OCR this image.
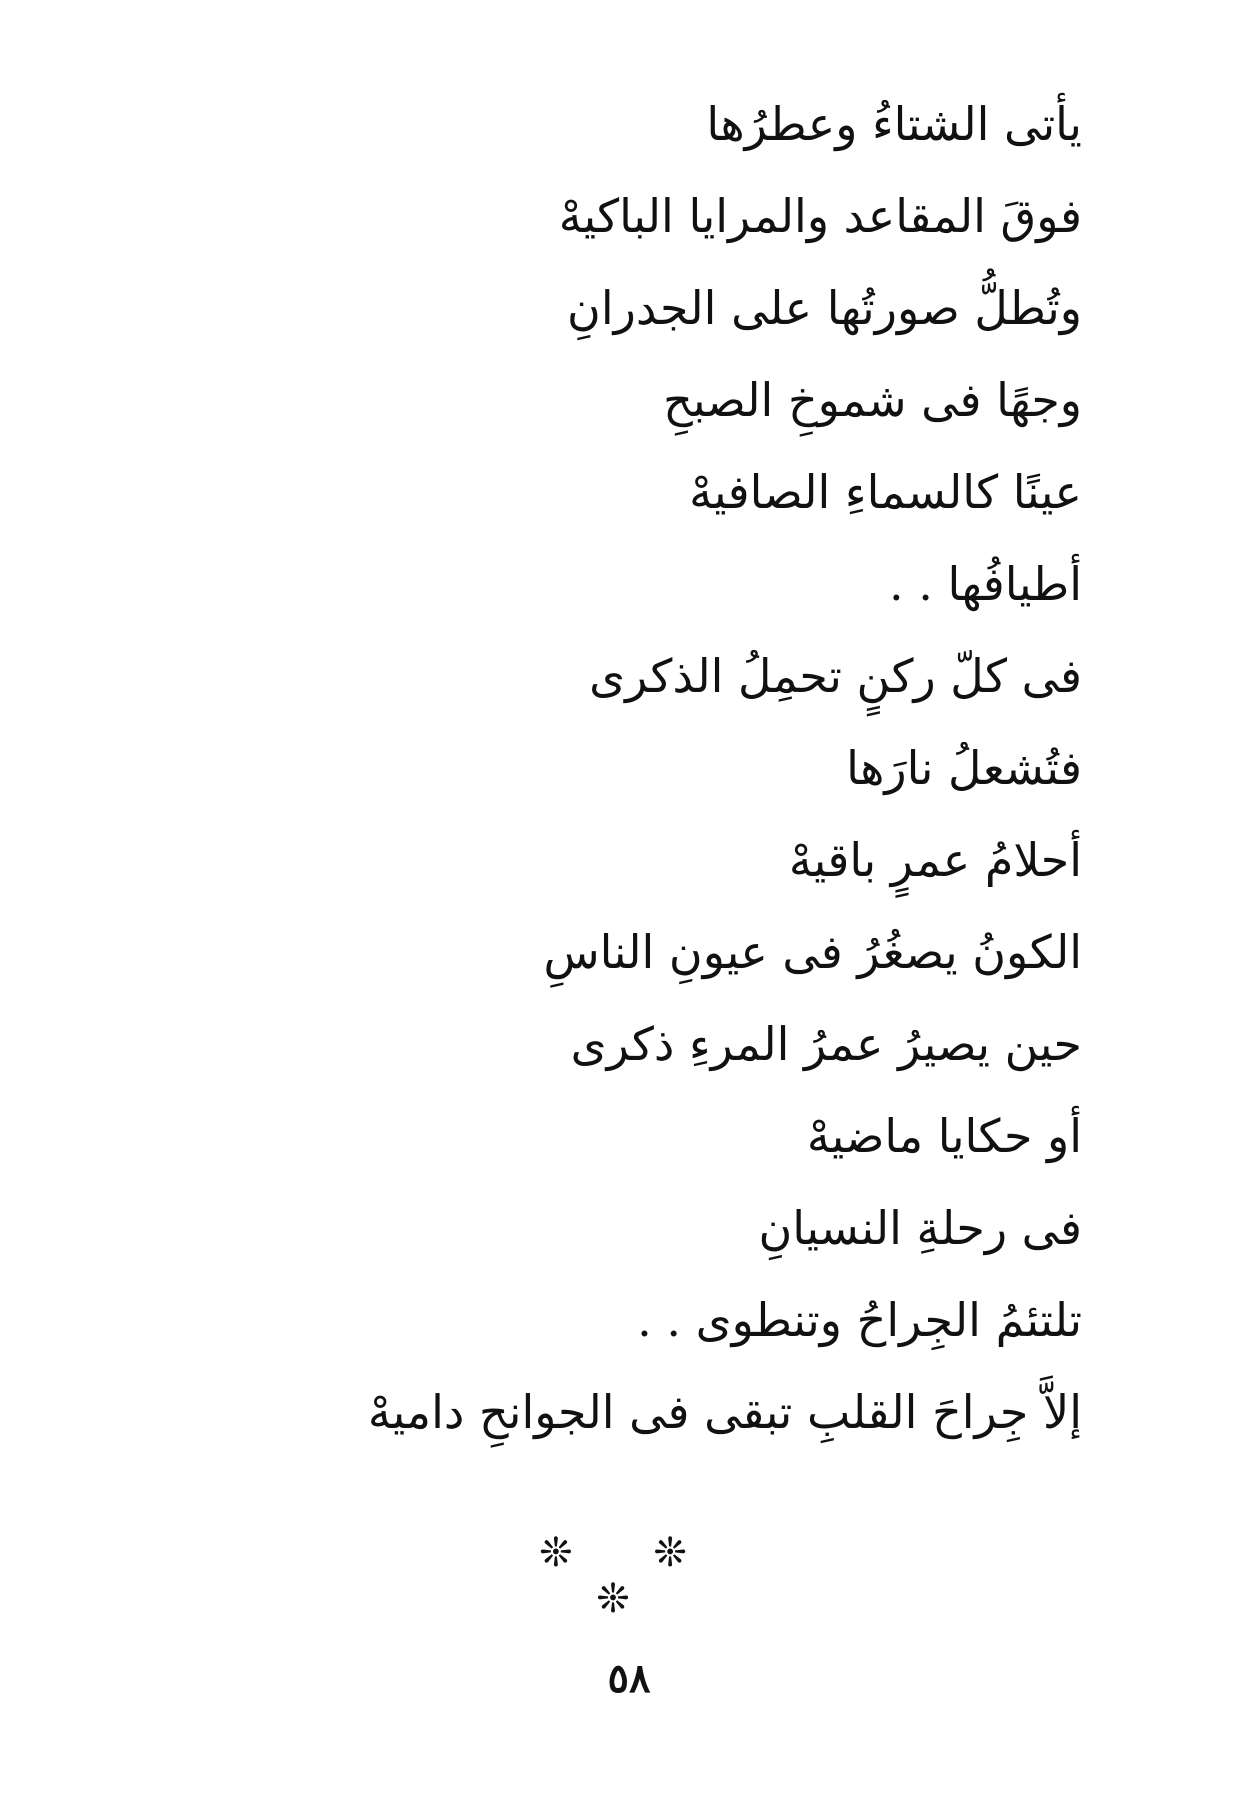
يأتى الشتاءُ وعطرُها
فوقَ المقاعد والمرايا الباكيهْ
وتُطلُّ صورتُها على الجدرانِ
وجهًا فى شموخِ الصبحِ
عينًا كالسماءِ الصافيهْ
أطيافُها . .
فى كلّ ركنٍ تحمِلُ الذكرى
فتُشعلُ نارَها
أحلامُ عمرٍ باقيهْ
الكونُ يصغُرُ فى عيونِ الناسِ
حين يصيرُ عمرُ المرءِ ذكرى
أو حكايا ماضيهْ
فى رحلةِ النسيانِ
تلتئمُ الجِراحُ وتنطوى . .
إلاَّ جِراحَ القلبِ تبقى فى الجوانحِ داميهْ
❊ ❊ ❊
٥٨
